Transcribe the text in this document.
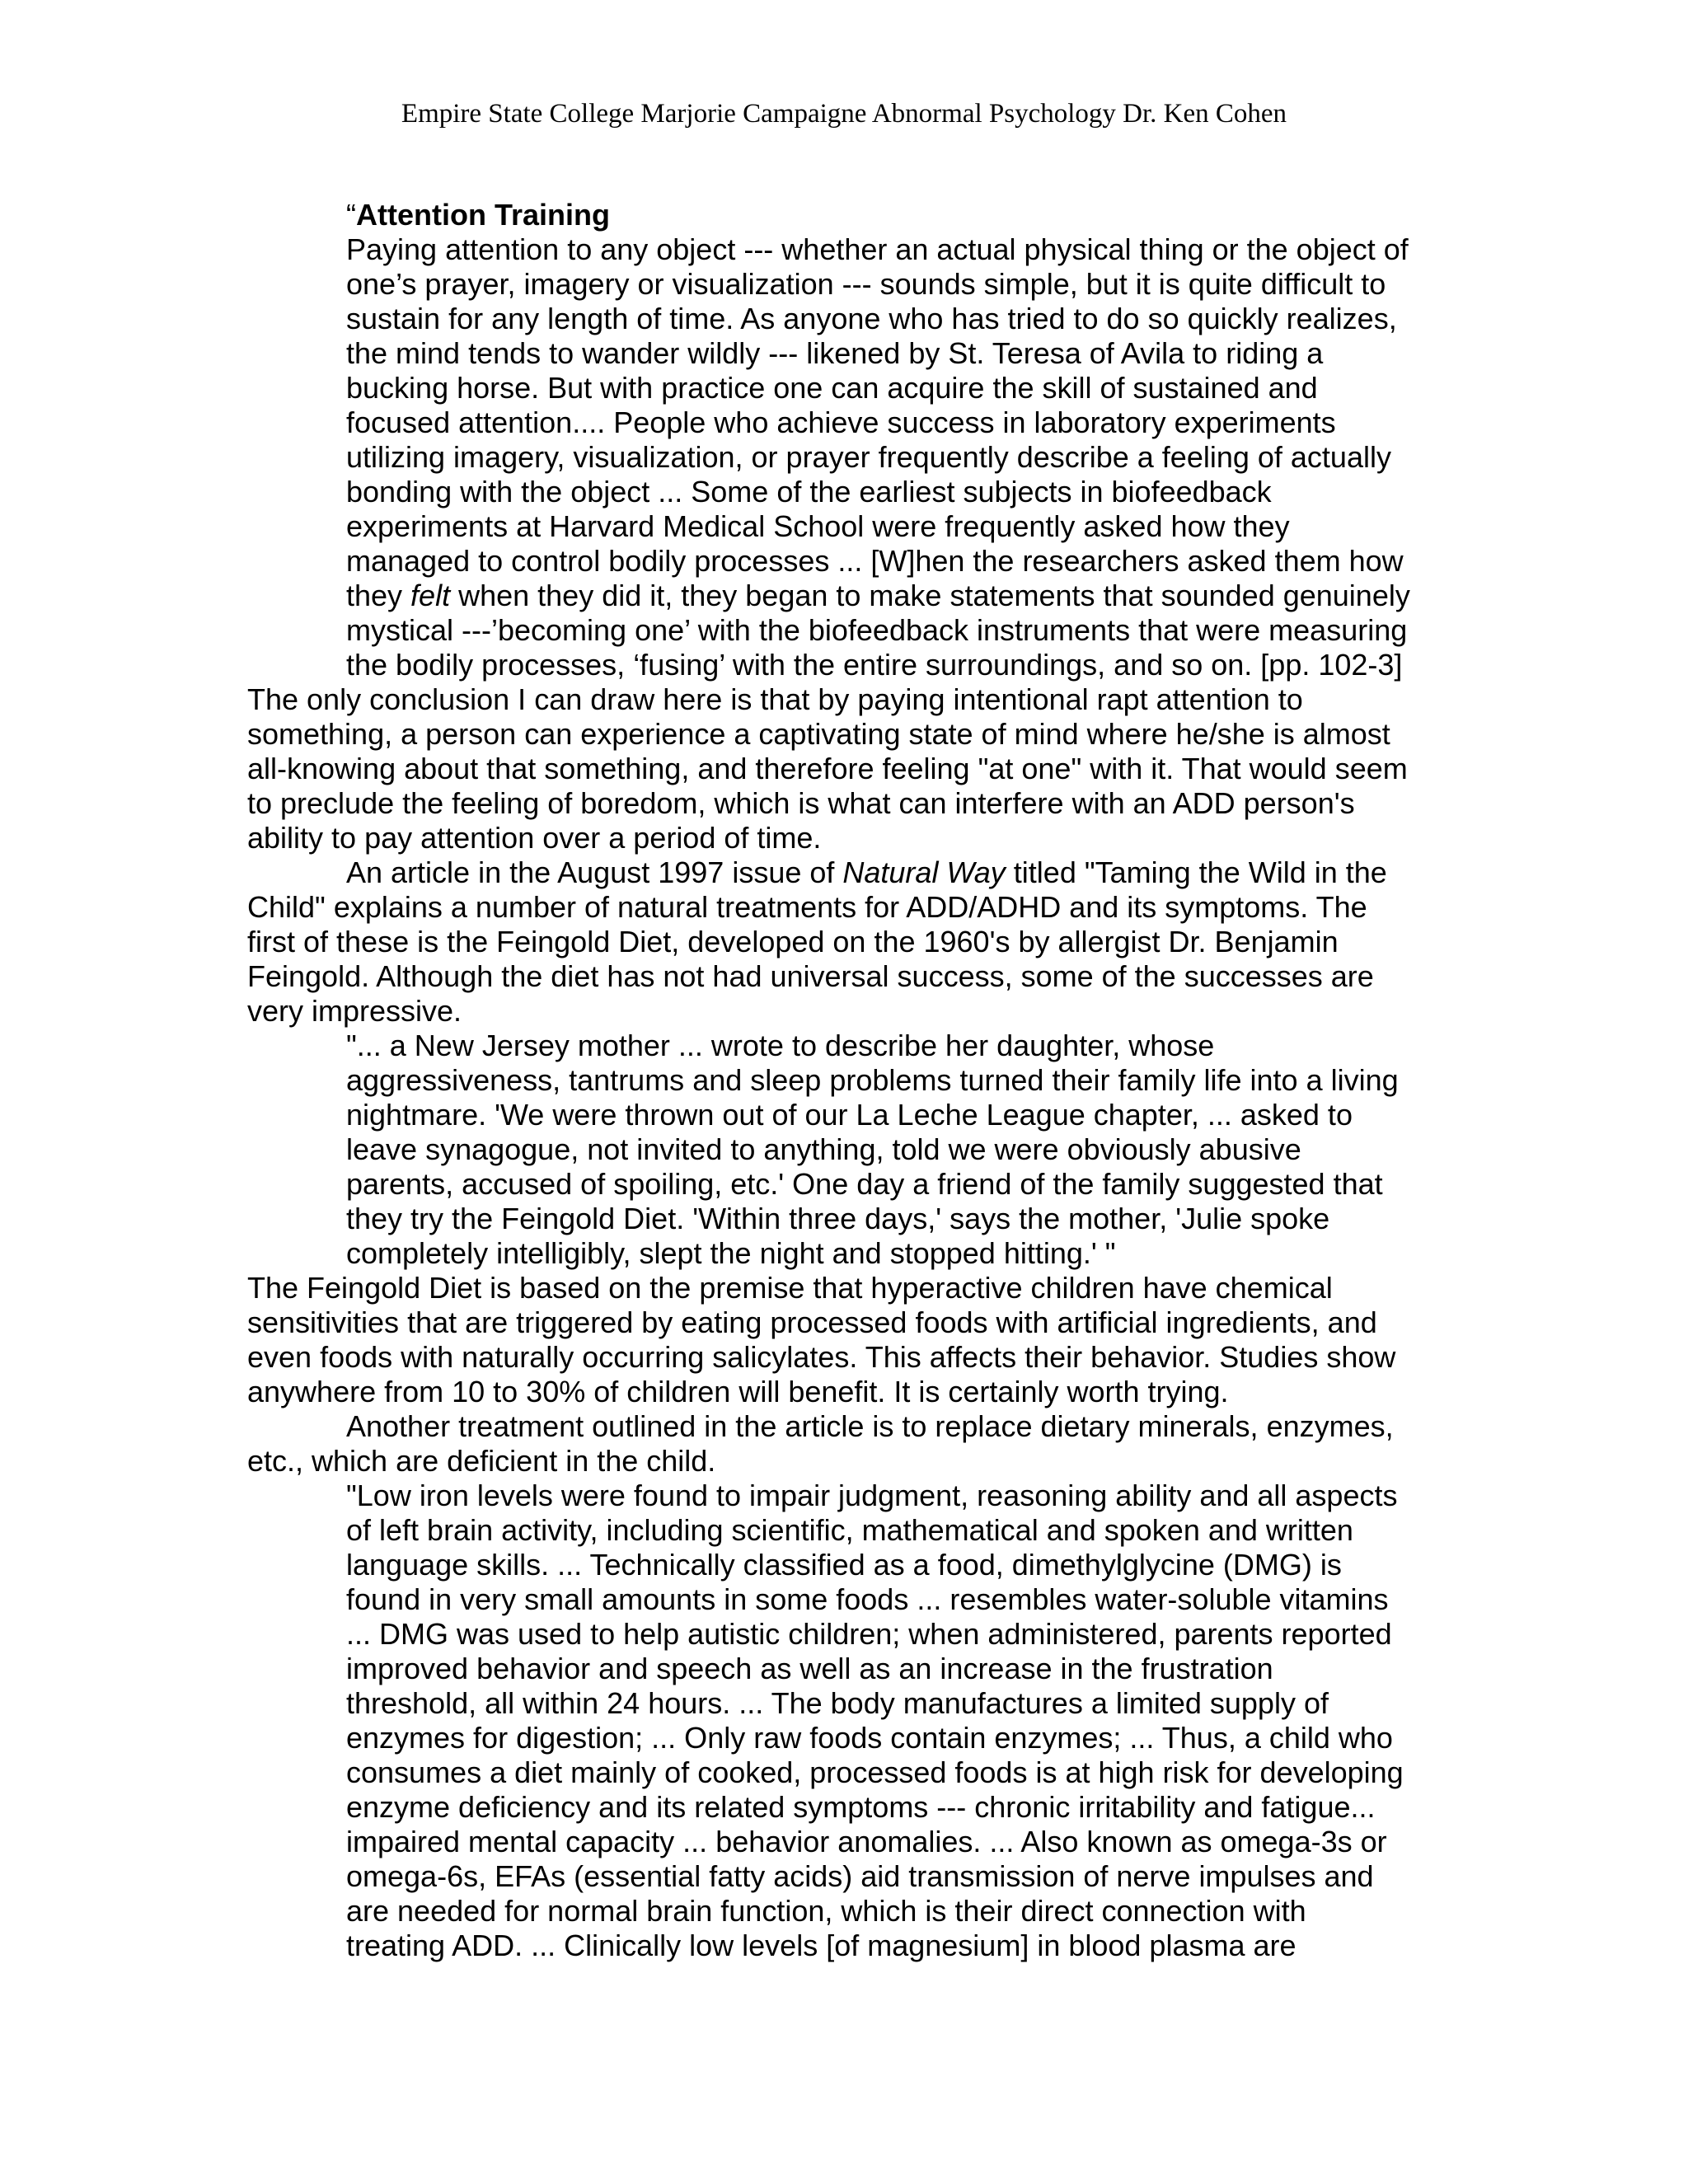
Empire State College Marjorie Campaigne Abnormal Psychology Dr. Ken Cohen
“Attention Training
Paying attention to any object --- whether an actual physical thing or the object of
one’s prayer, imagery or visualization --- sounds simple, but it is quite difficult to
sustain for any length of time. As anyone who has tried to do so quickly realizes,
the mind tends to wander wildly --- likened by St. Teresa of Avila to riding a
bucking horse. But with practice one can acquire the skill of sustained and
focused attention.... People who achieve success in laboratory experiments
utilizing imagery, visualization, or prayer frequently describe a feeling of actually
bonding with the object ... Some of the earliest subjects in biofeedback
experiments at Harvard Medical School were frequently asked how they
managed to control bodily processes ... [W]hen the researchers asked them how
they felt when they did it, they began to make statements that sounded genuinely
mystical ---’becoming one’ with the biofeedback instruments that were measuring
the bodily processes, ‘fusing’ with the entire surroundings, and so on. [pp. 102-3]
The only conclusion I can draw here is that by paying intentional rapt attention to
something, a person can experience a captivating state of mind where he/she is almost
all-knowing about that something, and therefore feeling "at one" with it. That would seem
to preclude the feeling of boredom, which is what can interfere with an ADD person's
ability to pay attention over a period of time.
An article in the August 1997 issue of Natural Way titled "Taming the Wild in the
Child" explains a number of natural treatments for ADD/ADHD and its symptoms. The
first of these is the Feingold Diet, developed on the 1960's by allergist Dr. Benjamin
Feingold. Although the diet has not had universal success, some of the successes are
very impressive.
"... a New Jersey mother ... wrote to describe her daughter, whose
aggressiveness, tantrums and sleep problems turned their family life into a living
nightmare. 'We were thrown out of our La Leche League chapter, ... asked to
leave synagogue, not invited to anything, told we were obviously abusive
parents, accused of spoiling, etc.' One day a friend of the family suggested that
they try the Feingold Diet. 'Within three days,' says the mother, 'Julie spoke
completely intelligibly, slept the night and stopped hitting.' "
The Feingold Diet is based on the premise that hyperactive children have chemical
sensitivities that are triggered by eating processed foods with artificial ingredients, and
even foods with naturally occurring salicylates. This affects their behavior. Studies show
anywhere from 10 to 30% of children will benefit. It is certainly worth trying.
Another treatment outlined in the article is to replace dietary minerals, enzymes,
etc., which are deficient in the child.
"Low iron levels were found to impair judgment, reasoning ability and all aspects
of left brain activity, including scientific, mathematical and spoken and written
language skills. ... Technically classified as a food, dimethylglycine (DMG) is
found in very small amounts in some foods ... resembles water-soluble vitamins
... DMG was used to help autistic children; when administered, parents reported
improved behavior and speech as well as an increase in the frustration
threshold, all within 24 hours. ... The body manufactures a limited supply of
enzymes for digestion; ... Only raw foods contain enzymes; ... Thus, a child who
consumes a diet mainly of cooked, processed foods is at high risk for developing
enzyme deficiency and its related symptoms --- chronic irritability and fatigue...
impaired mental capacity ... behavior anomalies. ... Also known as omega-3s or
omega-6s, EFAs (essential fatty acids) aid transmission of nerve impulses and
are needed for normal brain function, which is their direct connection with
treating ADD. ... Clinically low levels [of magnesium] in blood plasma are
